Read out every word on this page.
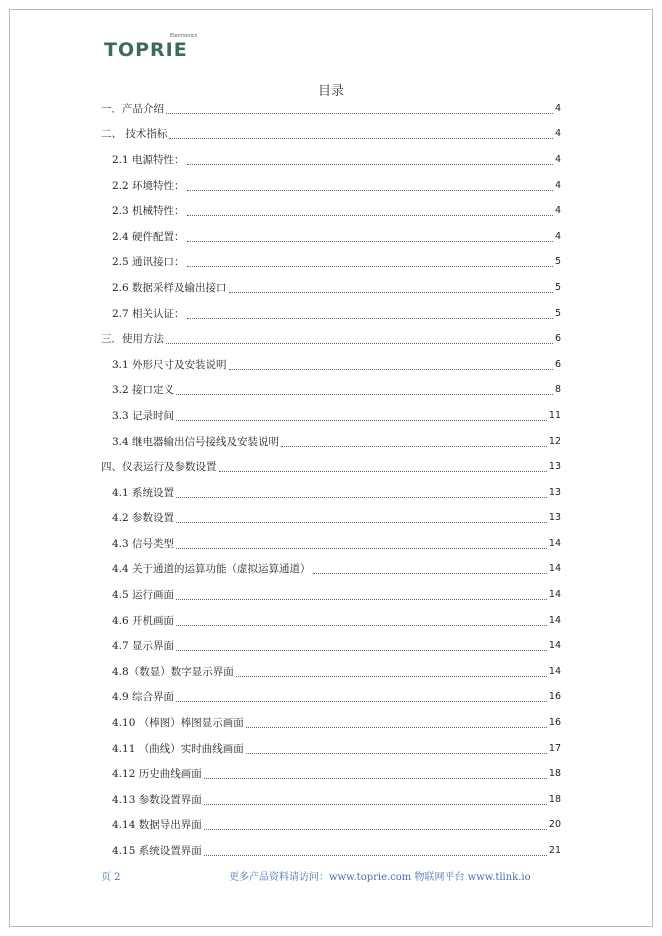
TOPRIE
Electronics
目录
一．产品介绍	4
二、 技术指标	4
2.1 电源特性：	4
2.2 环境特性：	4
2.3 机械特性：	4
2.4 硬件配置：	4
2.5 通讯接口：	5
2.6 数据采样及输出接口	5
2.7 相关认证：	5
三．使用方法	6
3.1 外形尺寸及安装说明	6
3.2 接口定义	8
3.3 记录时间	11
3.4 继电器输出信号接线及安装说明	12
四、仪表运行及参数设置	13
4.1 系统设置	13
4.2 参数设置	13
4.3 信号类型	14
4.4 关于通道的运算功能（虚拟运算通道）	14
4.5 运行画面	14
4.6 开机画面	14
4.7 显示界面	14
4.8（数显）数字显示界面	14
4.9 综合界面	16
4.10 （棒图）棒图显示画面	16
4.11 （曲线）实时曲线画面	17
4.12 历史曲线画面	18
4.13 参数设置界面	18
4.14 数据导出界面	20
4.15 系统设置界面	21
页 2	更多产品资料请访问：www.toprie.com 物联网平台 www.tlink.io
